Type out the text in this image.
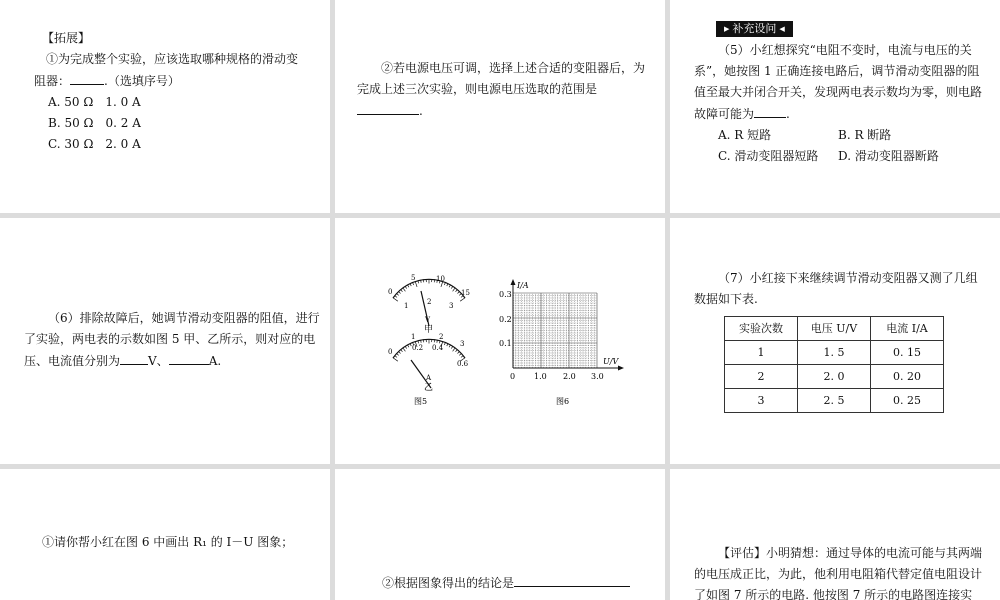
【拓展】
①为完成整个实验，应该选取哪种规格的滑动变
阻器：	.（选填序号）
A. 50 Ω　1. 0 A
B. 50 Ω　0. 2 A
C. 30 Ω　2. 0 A
②若电源电压可调，选择上述合适的变阻器后，为
完成上述三次实验，则电源电压选取的范围是
.
▶ 补充设问 ◀
（5）小红想探究“电阻不变时，电流与电压的关
系”，她按图 1 正确连接电路后，调节滑动变阻器的阻
值至最大并闭合开关，发现两电表示数均为零，则电路
故障可能为	.
A. R 短路	B. R 断路
C. 滑动变阻器短路 D. 滑动变阻器断路
（6）排除故障后，她调节滑动变阻器的阻值，进行
了实验，两电表的示数如图 5 甲、乙所示，则对应的电
压、电流值分别为 V、	A.
0
5	10
15
1	2	3
V
甲
0	0.2 0.4
0.6
1	2
3
A
乙
图5
I/A
U/V
0.3
0.2
0.1
0 1.0 2.0 3.0
图6
（7）小红接下来继续调节滑动变阻器又测了几组
数据如下表.
实验次数	电压 U/V	电流 I/A
1	1. 5	0. 15
2	2. 0	0. 20
3	2. 5	0. 25
①请你帮小红在图 6 中画出 R₁ 的 I－U 图象；
②根据图象得出的结论是
【评估】小明猜想：通过导体的电流可能与其两端
的电压成正比，为此，他利用电阻箱代替定值电阻设计
了如图 7 所示的电路. 他按图 7 所示的电路图连接实
